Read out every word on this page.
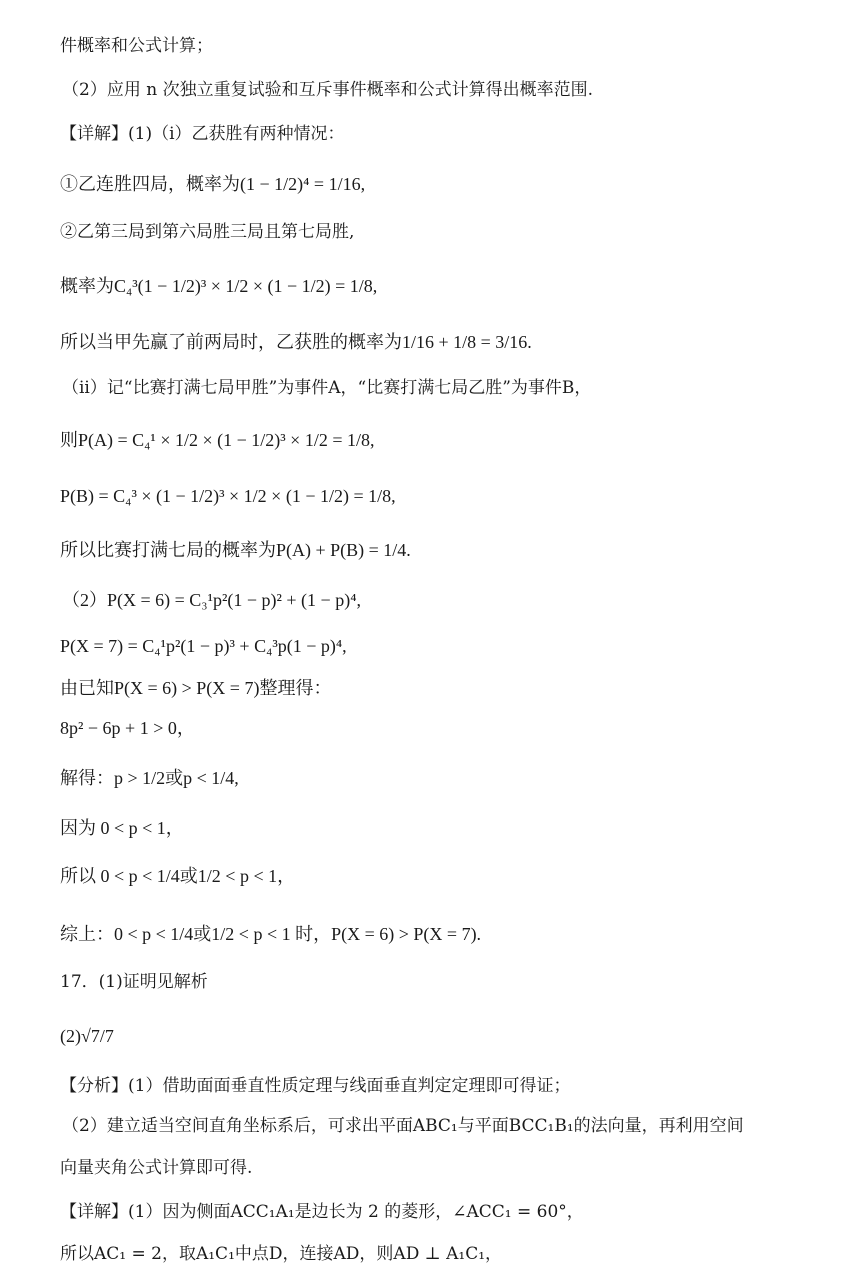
件概率和公式计算；
（2）应用 n 次独立重复试验和互斥事件概率和公式计算得出概率范围.
【详解】(1)（i）乙获胜有两种情况：
①乙连胜四局，概率为(1 − 1/2)⁴ = 1/16,
②乙第三局到第六局胜三局且第七局胜,
概率为C₄³(1 − 1/2)³ × 1/2 × (1 − 1/2) = 1/8,
所以当甲先赢了前两局时，乙获胜的概率为1/16 + 1/8 = 3/16.
（ii）记“比赛打满七局甲胜”为事件A，“比赛打满七局乙胜”为事件B，
则P(A) = C₄¹ × 1/2 × (1 − 1/2)³ × 1/2 = 1/8,
P(B) = C₄³ × (1 − 1/2)³ × 1/2 × (1 − 1/2) = 1/8,
所以比赛打满七局的概率为P(A) + P(B) = 1/4.
（2）P(X = 6) = C₃¹p²(1 − p)² + (1 − p)⁴,
P(X = 7) = C₄¹p²(1 − p)³ + C₄³p(1 − p)⁴,
由已知P(X = 6) > P(X = 7)整理得：
8p² − 6p + 1 > 0，
解得：p > 1/2或p < 1/4,
因为 0 < p < 1，
所以 0 < p < 1/4或1/2 < p < 1，
综上：0 < p < 1/4或1/2 < p < 1 时，P(X = 6) > P(X = 7).
17．(1)证明见解析
(2)√7/7
【分析】(1）借助面面垂直性质定理与线面垂直判定定理即可得证；
（2）建立适当空间直角坐标系后，可求出平面ABC₁与平面BCC₁B₁的法向量，再利用空间
向量夹角公式计算即可得.
【详解】(1）因为侧面ACC₁A₁是边长为 2 的菱形，∠ACC₁ = 60°，
所以AC₁ = 2，取A₁C₁中点D，连接AD，则AD ⊥ A₁C₁，
